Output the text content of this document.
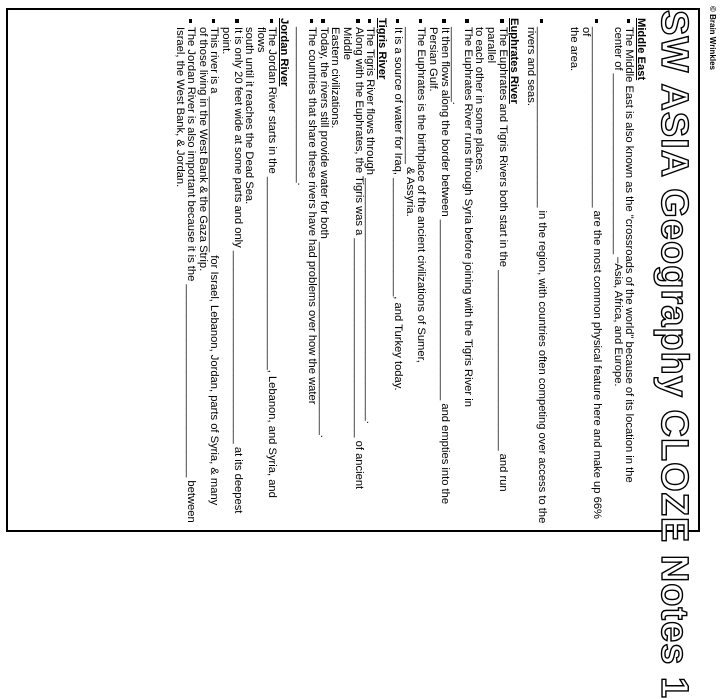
© Brain Wrinkles
SW ASIA Geography CLOZE Notes 1
Middle East
The Middle East is also known as the "crossroads of the world" because of its location in the
center of _____________________________ –Asia, Africa, and Europe.
_____________________________ are the most common physical feature here and make up 66% of
the area.
_____________________________ in the region, with countries often competing over access to the
rivers and seas.
Euphrates River
The Euphrates and Tigris Rivers both start in the _____________________________ and run parallel
to each other in some places.
The Euphrates River runs through Syria before joining with the Tigris River in
____________.
It then flows along the border between _____________________________ and empties into the
Persian Gulf.
The Euphrates is the birthplace of the ancient civilizations of Sumer,
______________________ & Assyria.
It is a source of water for Iraq, ___________________, and Turkey today.
Tigris River
The Tigris River flows through _______________________________________.
Along with the Euphrates, the Tigris was a ________________________________ of ancient Middle
Eastern civilizations.
Today, the rivers still provide water for both _______________________________.
The countries that share these rivers have had problems over how the water
_________________________.
Jordan River
The Jordan River starts in the _______________________________, Lebanon, and Syria, and flows
south until it reaches the Dead Sea.
It is only 20 feet wide at some parts and only _______________________________ at its deepest point.
This river is a _________________________ for Israel, Lebanon, Jordan, parts of Syria, & many
of those living in the West Bank & the Gaza Strip.
The Jordan River is also important because it is the _______________________________ between
Israel, the West Bank, & Jordan.
